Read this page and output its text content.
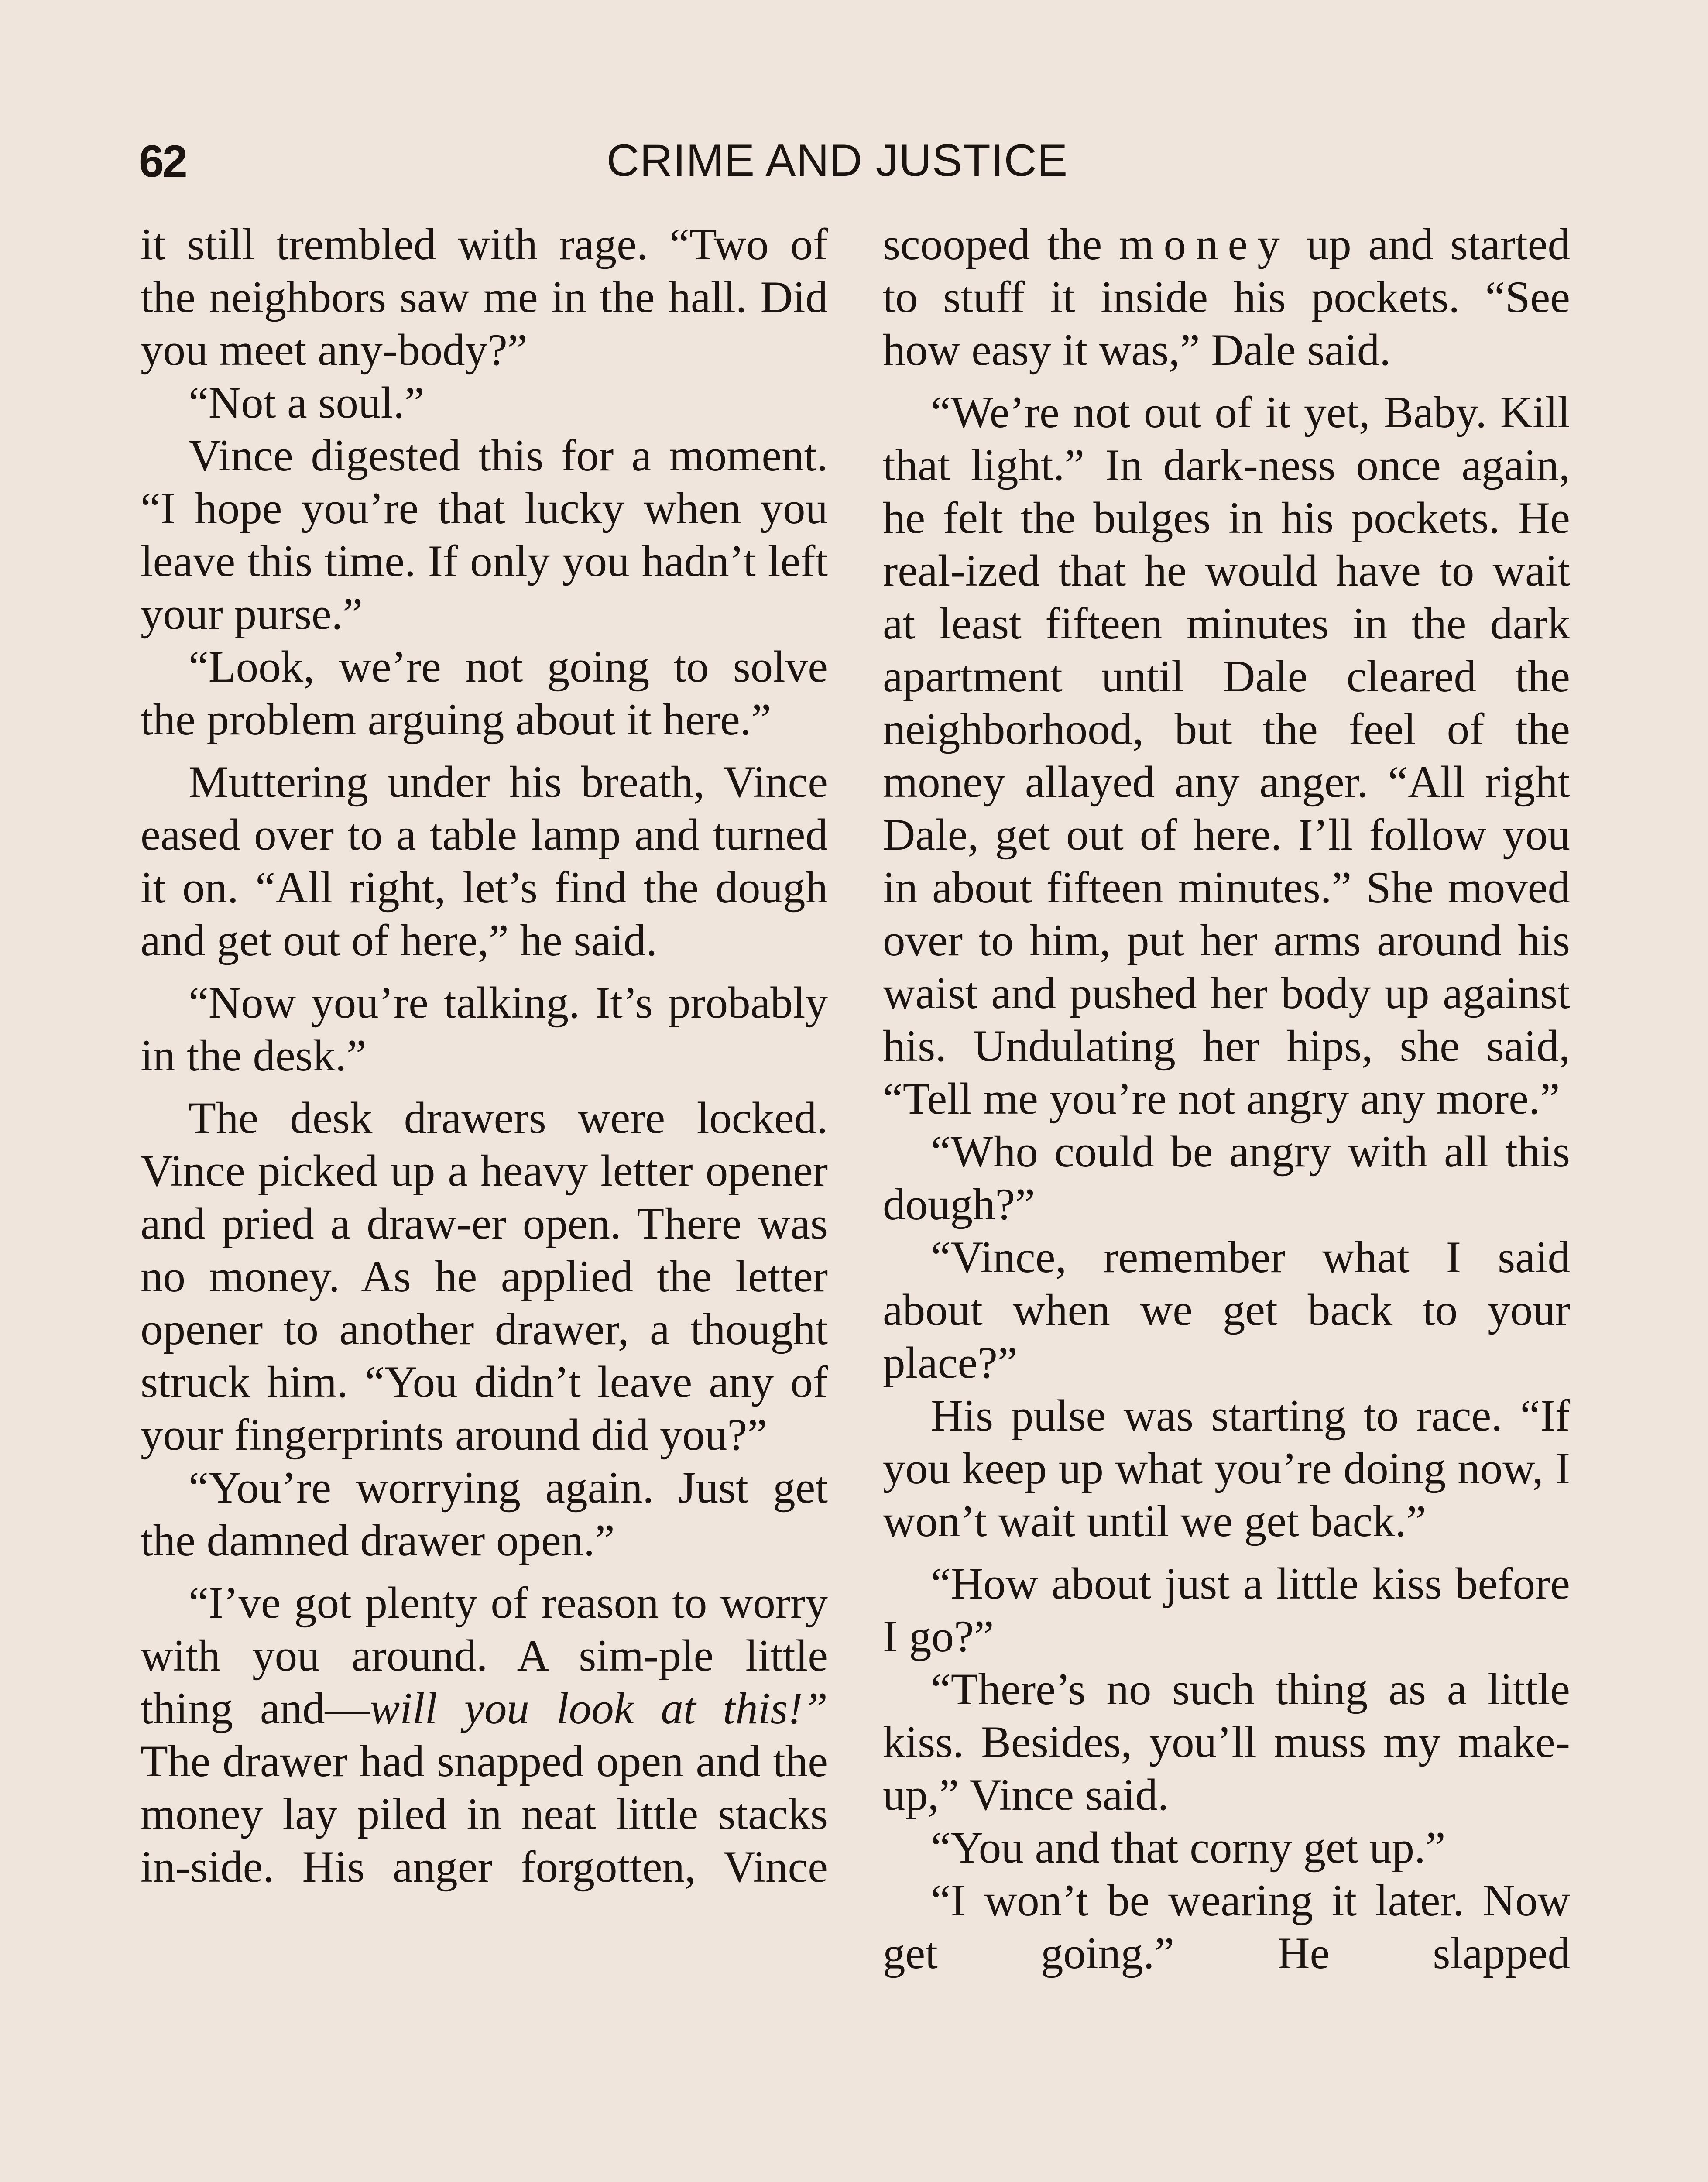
62	CRIME AND JUSTICE

it still trembled with rage. “Two of the neighbors saw me in the hall. Did you meet any-body?”

“Not a soul.”

Vince digested this for a moment. “I hope you’re that lucky when you leave this time. If only you hadn’t left your purse.”

“Look, we’re not going to solve the problem arguing about it here.”

Muttering under his breath, Vince eased over to a table lamp and turned it on. “All right, let’s find the dough and get out of here,” he said.

“Now you’re talking. It’s probably in the desk.”

The desk drawers were locked. Vince picked up a heavy letter opener and pried a draw-er open. There was no money. As he applied the letter opener to another drawer, a thought struck him. “You didn’t leave any of your fingerprints around did you?”

“You’re worrying again. Just get the damned drawer open.”

“I’ve got plenty of reason to worry with you around. A sim-ple little thing and—will you look at this!” The drawer had snapped open and the money lay piled in neat little stacks in-side. His anger forgotten, Vince

scooped the money up and started to stuff it inside his pockets. “See how easy it was,” Dale said.

“We’re not out of it yet, Baby. Kill that light.” In dark-ness once again, he felt the bulges in his pockets. He real-ized that he would have to wait at least fifteen minutes in the dark apartment until Dale cleared the neighborhood, but the feel of the money allayed any anger. “All right Dale, get out of here. I’ll follow you in about fifteen minutes.” She moved over to him, put her arms around his waist and pushed her body up against his. Undulating her hips, she said, “Tell me you’re not angry any more.”

“Who could be angry with all this dough?”

“Vince, remember what I said about when we get back to your place?”

His pulse was starting to race. “If you keep up what you’re doing now, I won’t wait until we get back.”

“How about just a little kiss before I go?”

“There’s no such thing as a little kiss. Besides, you’ll muss my make-up,” Vince said.

“You and that corny get up.”

“I won’t be wearing it later. Now get going.” He slapped
